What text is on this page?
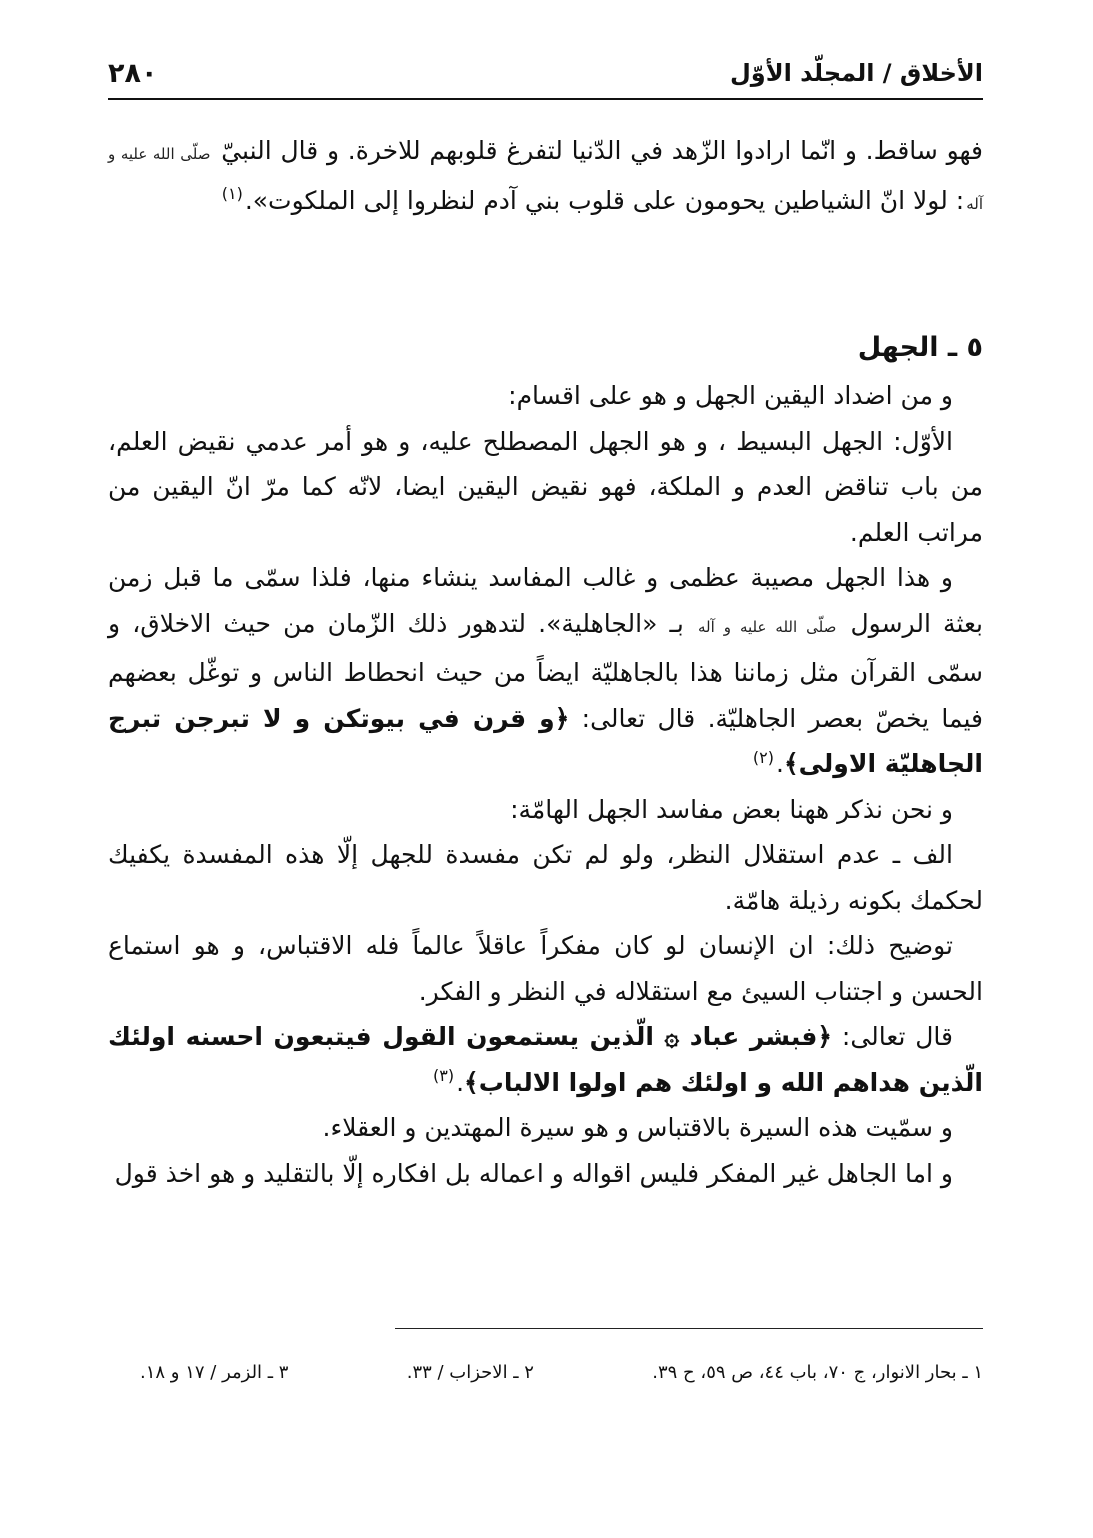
الأخلاق / المجلّد الأوّل
٢٨٠

فهو ساقط. و انّما ارادوا الزّهد في الدّنيا لتفرغ قلوبهم للاخرة. و قال النبيّ صلّى الله عليه و آله: لولا انّ الشياطين يحومون على قلوب بني آدم لنظروا إلى الملكوت».$^{(١)}$

٥ ـ الجهل

و من اضداد اليقين الجهل و هو على اقسام:

الأوّل: الجهل البسيط ، و هو الجهل المصطلح عليه، و هو أمر عدمي نقيض العلم، من باب تناقض العدم و الملكة، فهو نقيض اليقين ايضا، لانّه كما مرّ انّ اليقين من مراتب العلم.

و هذا الجهل مصيبة عظمى و غالب المفاسد ينشاء منها، فلذا سمّى ما قبل زمن بعثة الرسول صلّى الله عليه و آله بـ «الجاهلية». لتدهور ذلك الزّمان من حيث الاخلاق، و سمّى القرآن مثل زماننا هذا بالجاهليّة ايضاً من حيث انحطاط الناس و توغّل بعضهم فيما يخصّ بعصر الجاهليّة. قال تعالى: ﴿و قرن في بيوتكن و لا تبرجن تبرج الجاهليّة الاولى﴾.$^{(٢)}$

و نحن نذكر ههنا بعض مفاسد الجهل الهامّة:

الف ـ عدم استقلال النظر، ولو لم تكن مفسدة للجهل إلّا هذه المفسدة يكفيك لحكمك بكونه رذيلة هامّة.

توضيح ذلك: ان الإنسان لو كان مفكراً عاقلاً عالماً فله الاقتباس، و هو استماع الحسن و اجتناب السيئ مع استقلاله في النظر و الفكر.

قال تعالى: ﴿فبشر عباد ۞ الّذين يستمعون القول فيتبعون احسنه اولئك الّذين هداهم الله و اولئك هم اولوا الالباب﴾.$^{(٣)}$

و سمّيت هذه السيرة بالاقتباس و هو سيرة المهتدين و العقلاء.

و اما الجاهل غير المفكر فليس اقواله و اعماله بل افكاره إلّا بالتقليد و هو اخذ قول

١ ـ بحار الانوار، ج ٧٠، باب ٤٤، ص ٥٩، ح ٣٩.
٢ ـ الاحزاب / ٣٣.
٣ ـ الزمر / ١٧ و ١٨.
